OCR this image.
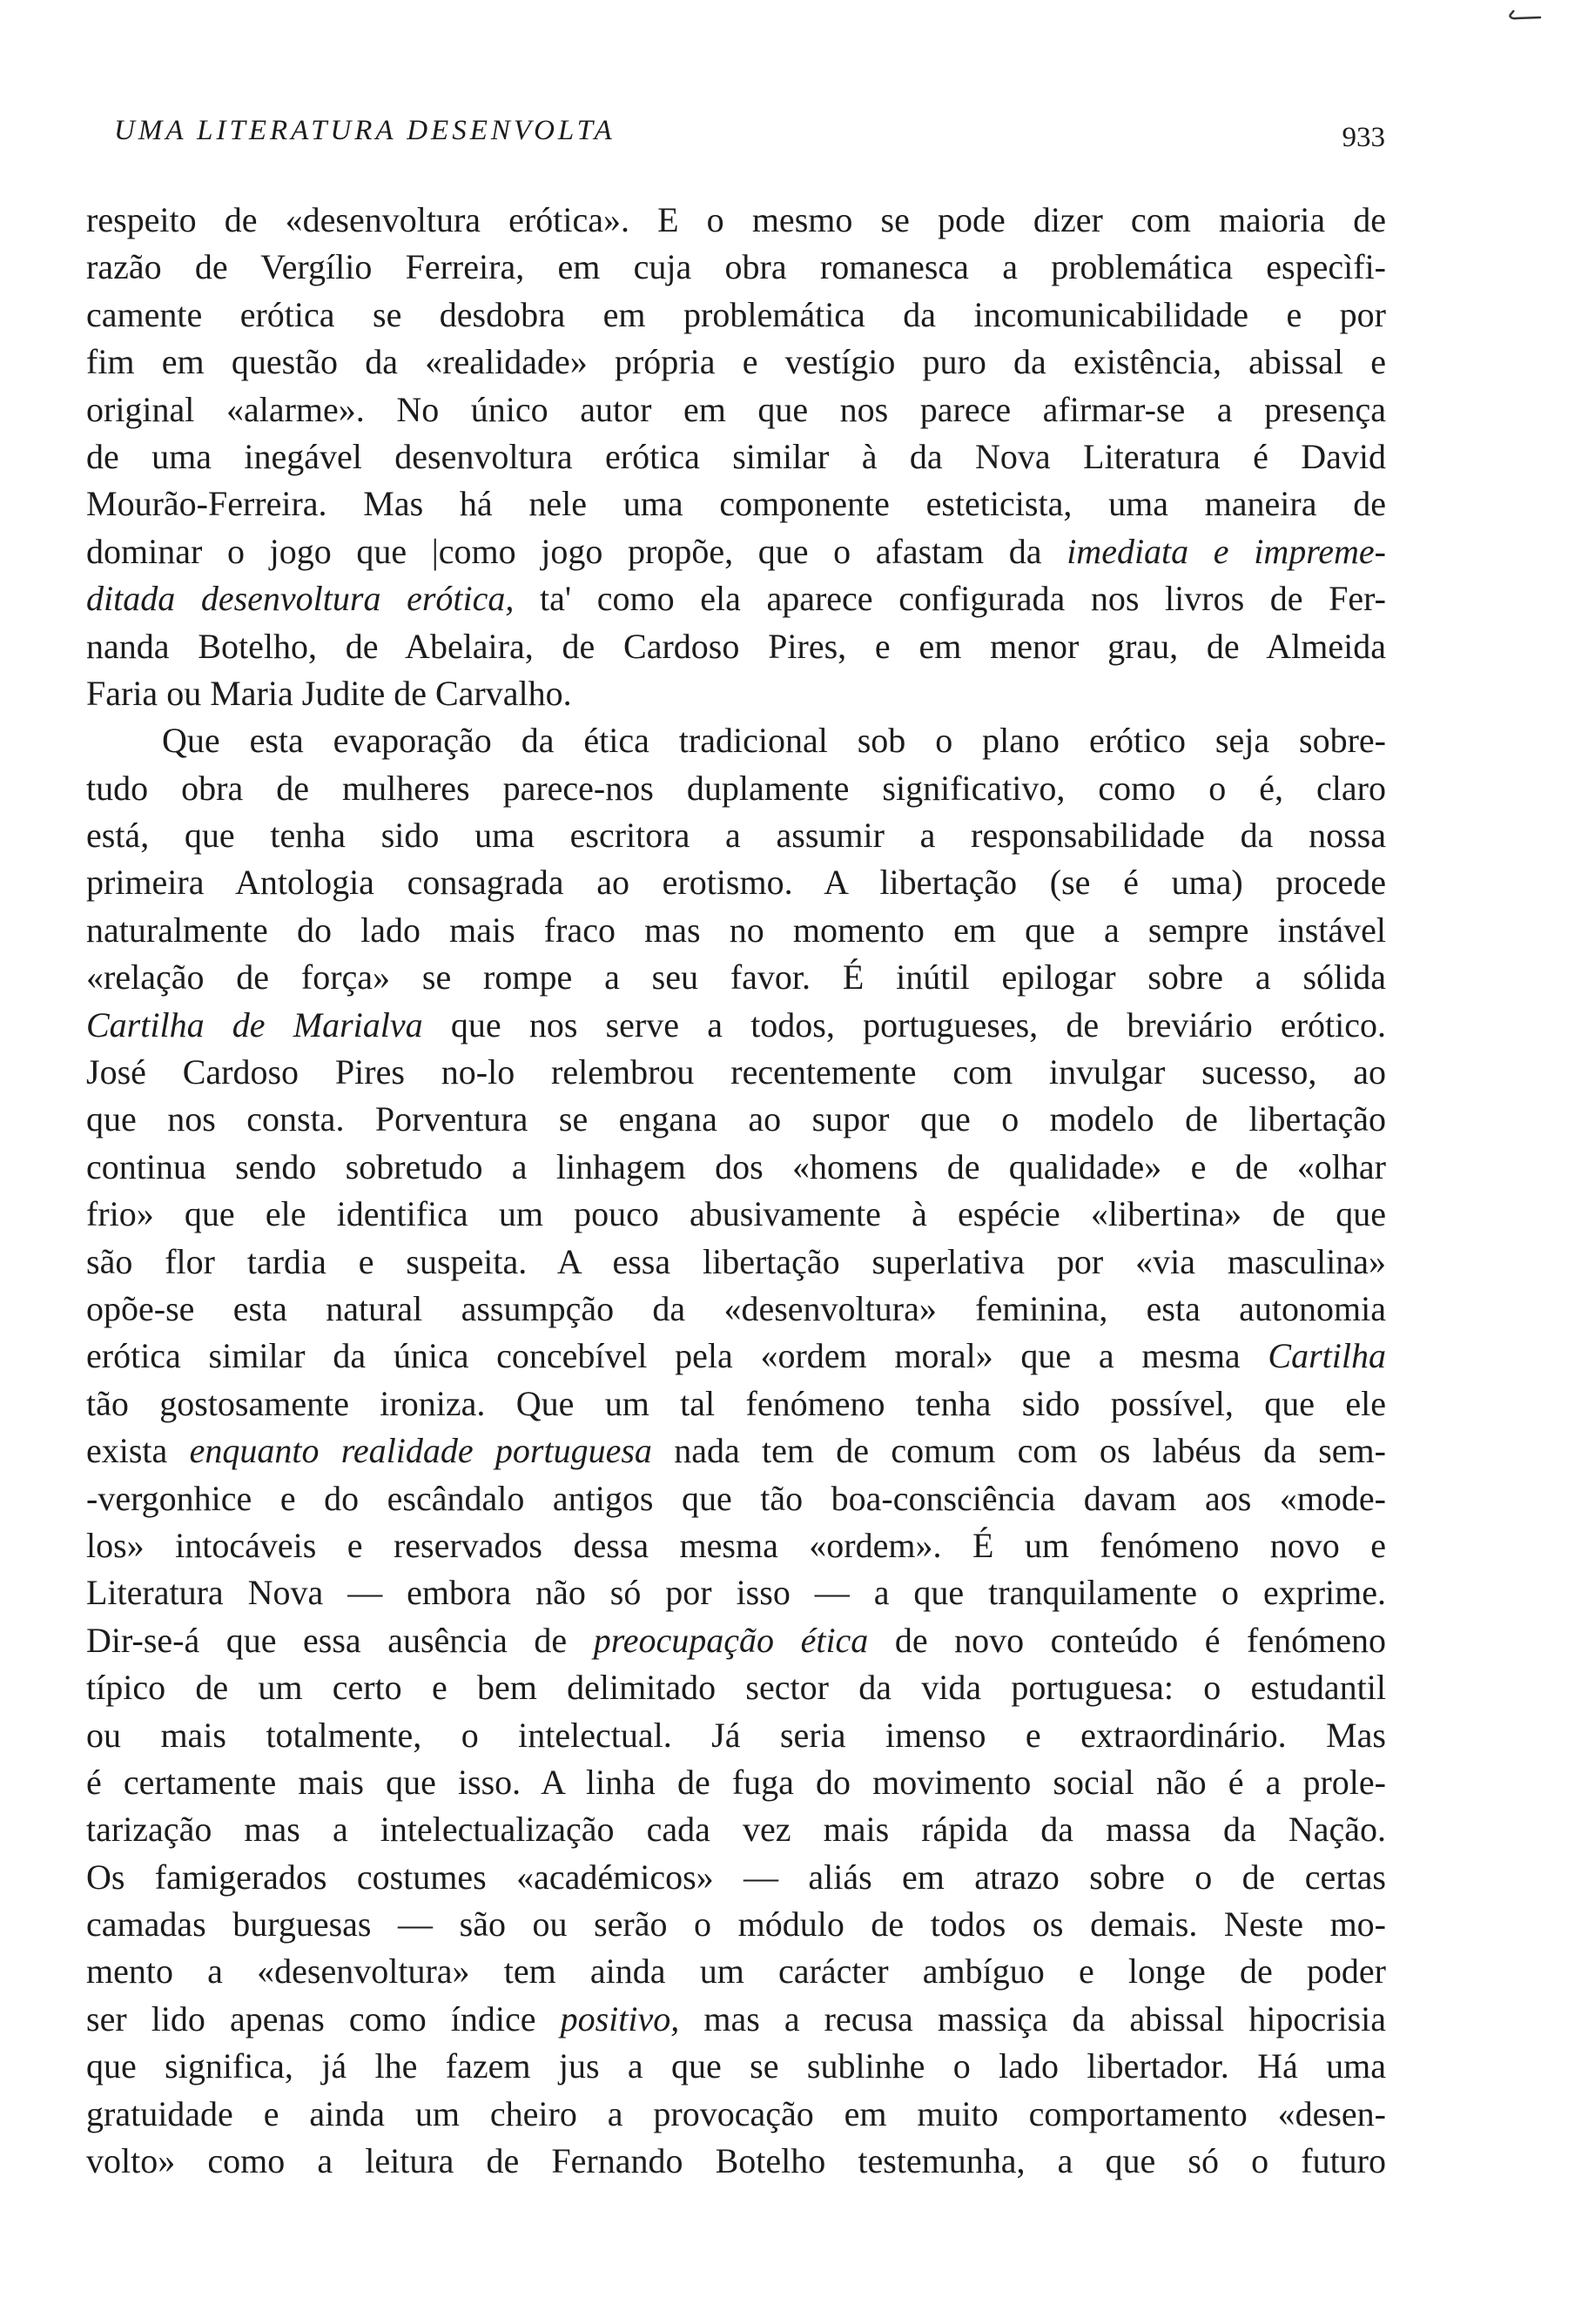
UMA LITERATURA DESENVOLTA	933
respeito de «desenvoltura erótica». E o mesmo se pode dizer com maioria de
razão de Vergílio Ferreira, em cuja obra romanesca a problemática especìfi-
camente erótica se desdobra em problemática da incomunicabilidade e por
fim em questão da «realidade» própria e vestígio puro da existência, abissal e
original «alarme». No único autor em que nos parece afirmar-se a presença
de uma inegável desenvoltura erótica similar à da Nova Literatura é David
Mourão-Ferreira. Mas há nele uma componente esteticista, uma maneira de
dominar o jogo que |como jogo propõe, que o afastam da imediata e impreme-
ditada desenvoltura erótica, ta' como ela aparece configurada nos livros de Fer-
nanda Botelho, de Abelaira, de Cardoso Pires, e em menor grau, de Almeida
Faria ou Maria Judite de Carvalho.
Que esta evaporação da ética tradicional sob o plano erótico seja sobre-
tudo obra de mulheres parece-nos duplamente significativo, como o é, claro
está, que tenha sido uma escritora a assumir a responsabilidade da nossa
primeira Antologia consagrada ao erotismo. A libertação (se é uma) procede
naturalmente do lado mais fraco mas no momento em que a sempre instável
«relação de força» se rompe a seu favor. É inútil epilogar sobre a sólida
Cartilha de Marialva que nos serve a todos, portugueses, de breviário erótico.
José Cardoso Pires no-lo relembrou recentemente com invulgar sucesso, ao
que nos consta. Porventura se engana ao supor que o modelo de libertação
continua sendo sobretudo a linhagem dos «homens de qualidade» e de «olhar
frio» que ele identifica um pouco abusivamente à espécie «libertina» de que
são flor tardia e suspeita. A essa libertação superlativa por «via masculina»
opõe-se esta natural assumpção da «desenvoltura» feminina, esta autonomia
erótica similar da única concebível pela «ordem moral» que a mesma Cartilha
tão gostosamente ironiza. Que um tal fenómeno tenha sido possível, que ele
exista enquanto realidade portuguesa nada tem de comum com os labéus da sem-
-vergonhice e do escândalo antigos que tão boa-consciência davam aos «mode-
los» intocáveis e reservados dessa mesma «ordem». É um fenómeno novo e
Literatura Nova — embora não só por isso — a que tranquilamente o exprime.
Dir-se-á que essa ausência de preocupação ética de novo conteúdo é fenómeno
típico de um certo e bem delimitado sector da vida portuguesa: o estudantil
ou mais totalmente, o intelectual. Já seria imenso e extraordinário. Mas
é certamente mais que isso. A linha de fuga do movimento social não é a prole-
tarização mas a intelectualização cada vez mais rápida da massa da Nação.
Os famigerados costumes «académicos» — aliás em atrazo sobre o de certas
camadas burguesas — são ou serão o módulo de todos os demais. Neste mo-
mento a «desenvoltura» tem ainda um carácter ambíguo e longe de poder
ser lido apenas como índice positivo, mas a recusa massiça da abissal hipocrisia
que significa, já lhe fazem jus a que se sublinhe o lado libertador. Há uma
gratuidade e ainda um cheiro a provocação em muito comportamento «desen-
volto» como a leitura de Fernando Botelho testemunha, a que só o futuro
